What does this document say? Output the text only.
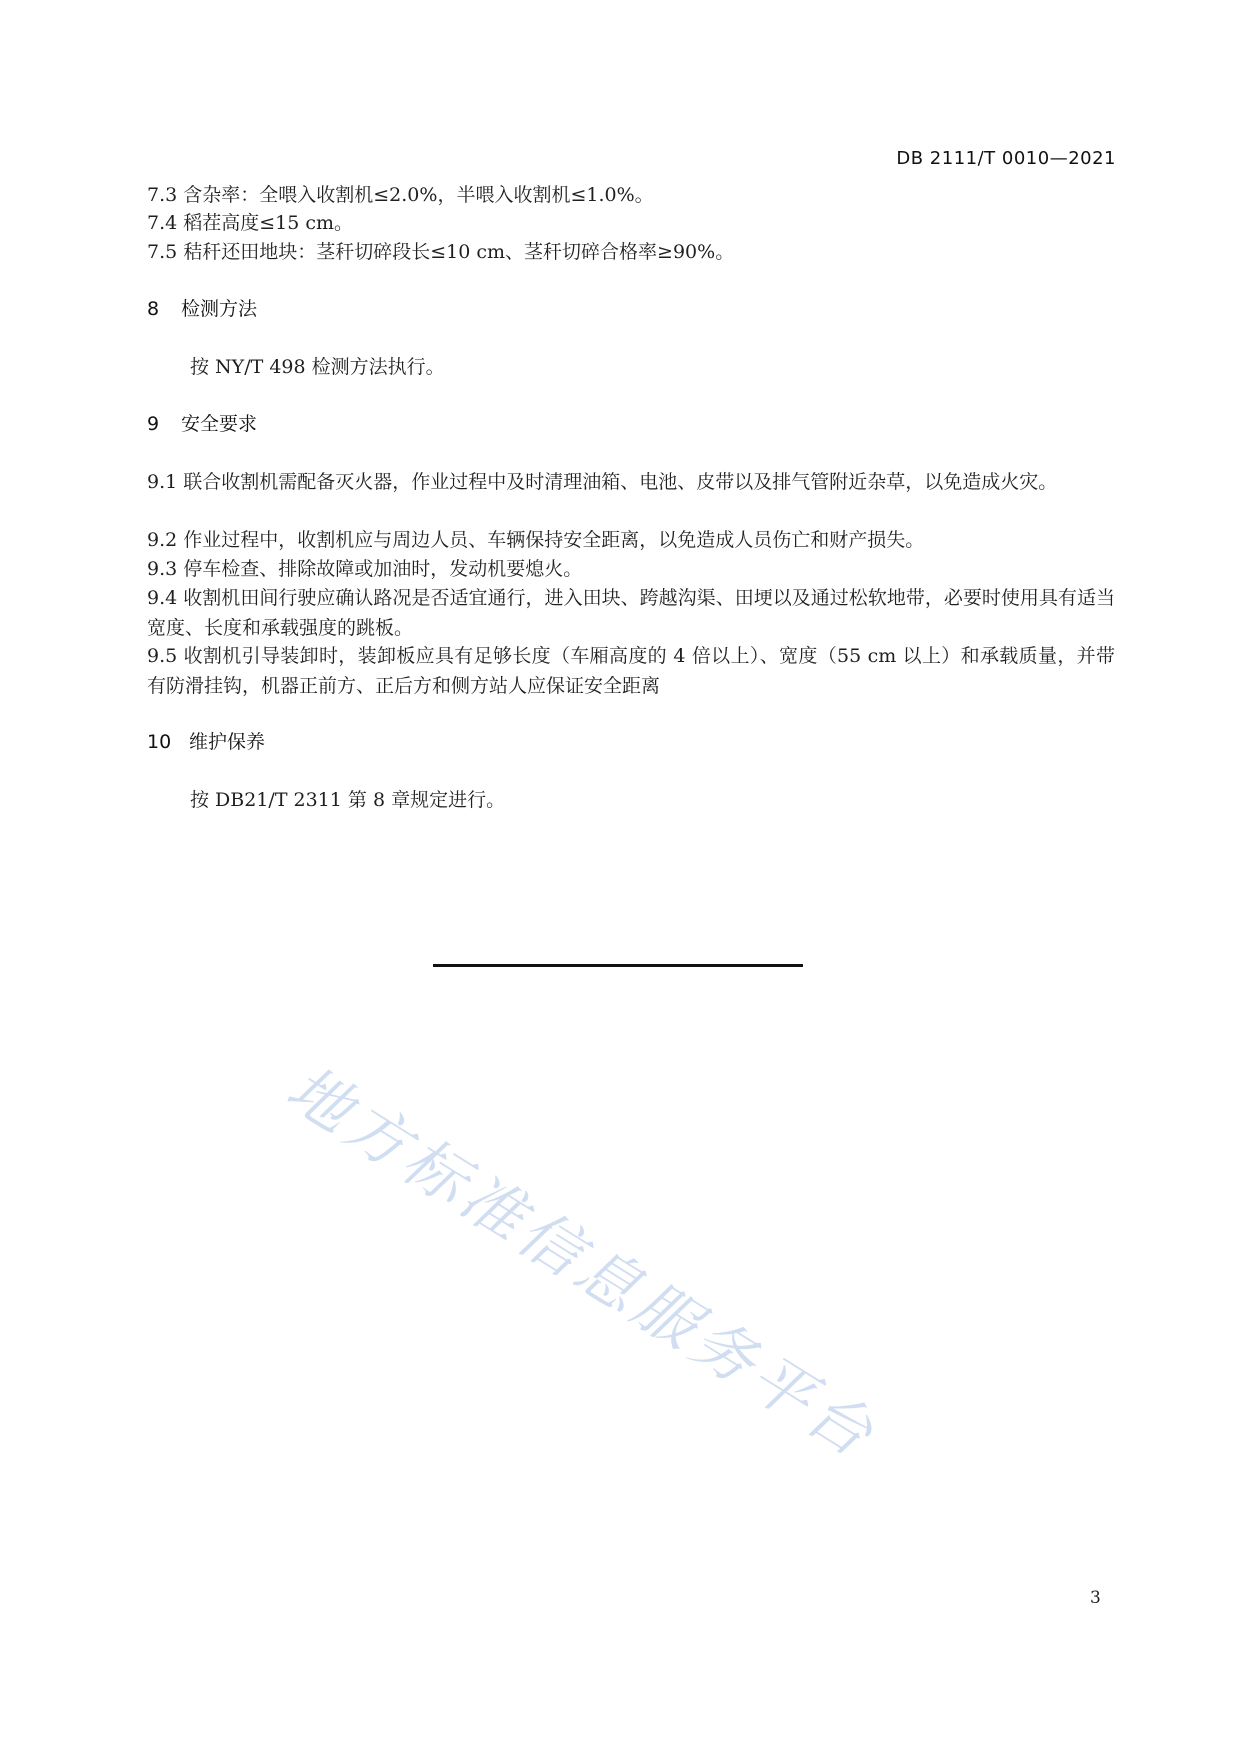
DB 2111/T 0010—2021
7.3 含杂率：全喂入收割机≤2.0%，半喂入收割机≤1.0%。
7.4 稻茬高度≤15 cm。
7.5 秸秆还田地块：茎秆切碎段长≤10 cm、茎秆切碎合格率≥90%。
8 检测方法
按 NY/T 498 检测方法执行。
9 安全要求
9.1 联合收割机需配备灭火器，作业过程中及时清理油箱、电池、皮带以及排气管附近杂草，以免造成火灾。
9.2 作业过程中，收割机应与周边人员、车辆保持安全距离，以免造成人员伤亡和财产损失。
9.3 停车检查、排除故障或加油时，发动机要熄火。
9.4 收割机田间行驶应确认路况是否适宜通行，进入田块、跨越沟渠、田埂以及通过松软地带，必要时使用具有适当宽度、长度和承载强度的跳板。
9.5 收割机引导装卸时，装卸板应具有足够长度（车厢高度的 4 倍以上）、宽度（55 cm 以上）和承载质量，并带有防滑挂钩，机器正前方、正后方和侧方站人应保证安全距离
10 维护保养
按 DB21/T 2311 第 8 章规定进行。
地方标准信息服务平台
3
